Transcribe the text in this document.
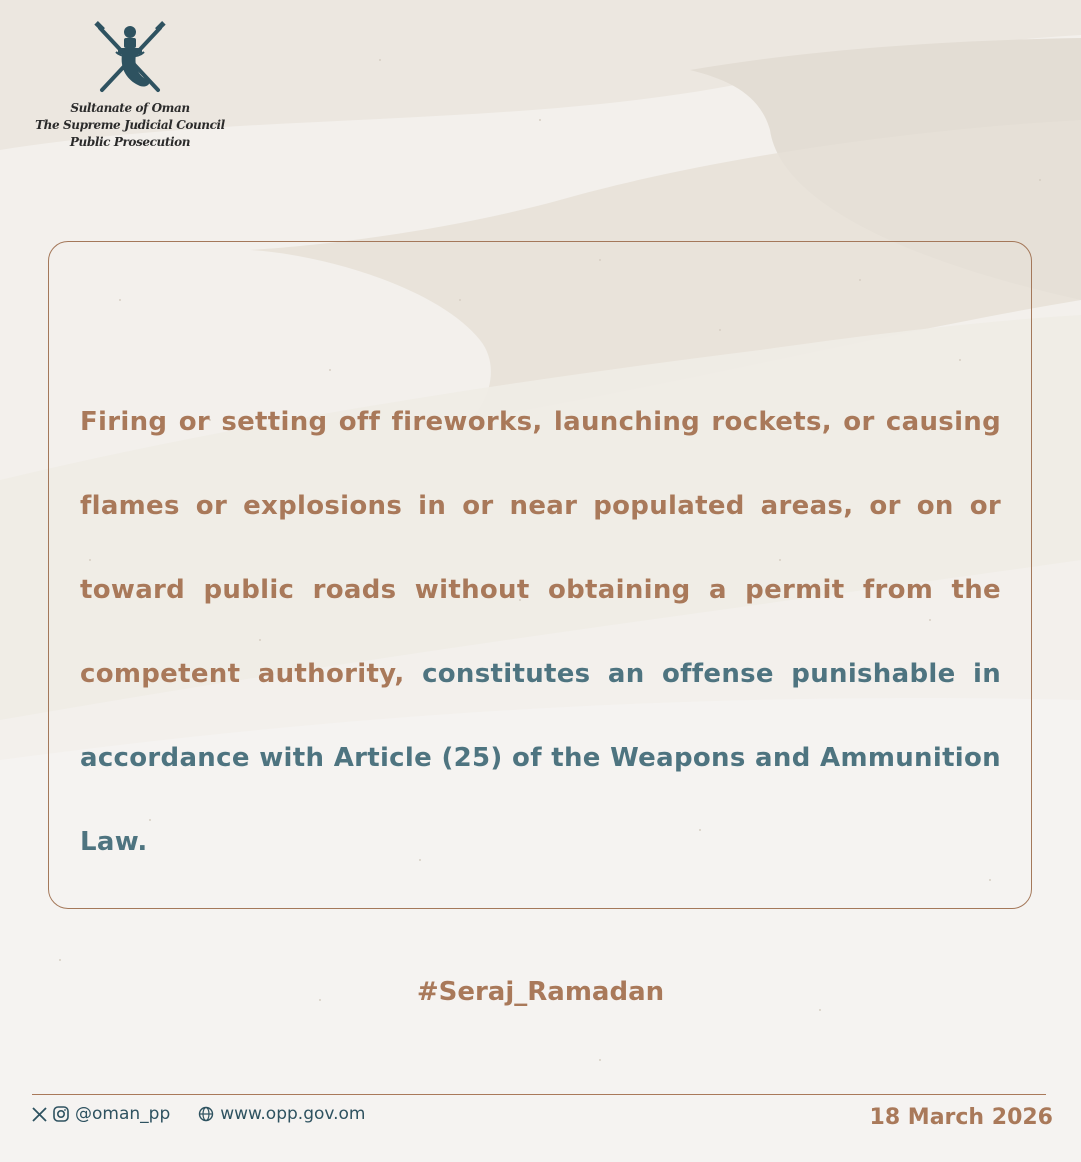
Sultanate of Oman
The Supreme Judicial Council
Public Prosecution
Firing or setting off fireworks, launching rockets, or causing flames or explosions in or near populated areas, or on or toward public roads without obtaining a permit from the competent authority, constitutes an offense punishable in accordance with Article (25) of the Weapons and Ammunition Law.
#Seraj_Ramadan
@oman_pp	www.opp.gov.om	18 March 2026
